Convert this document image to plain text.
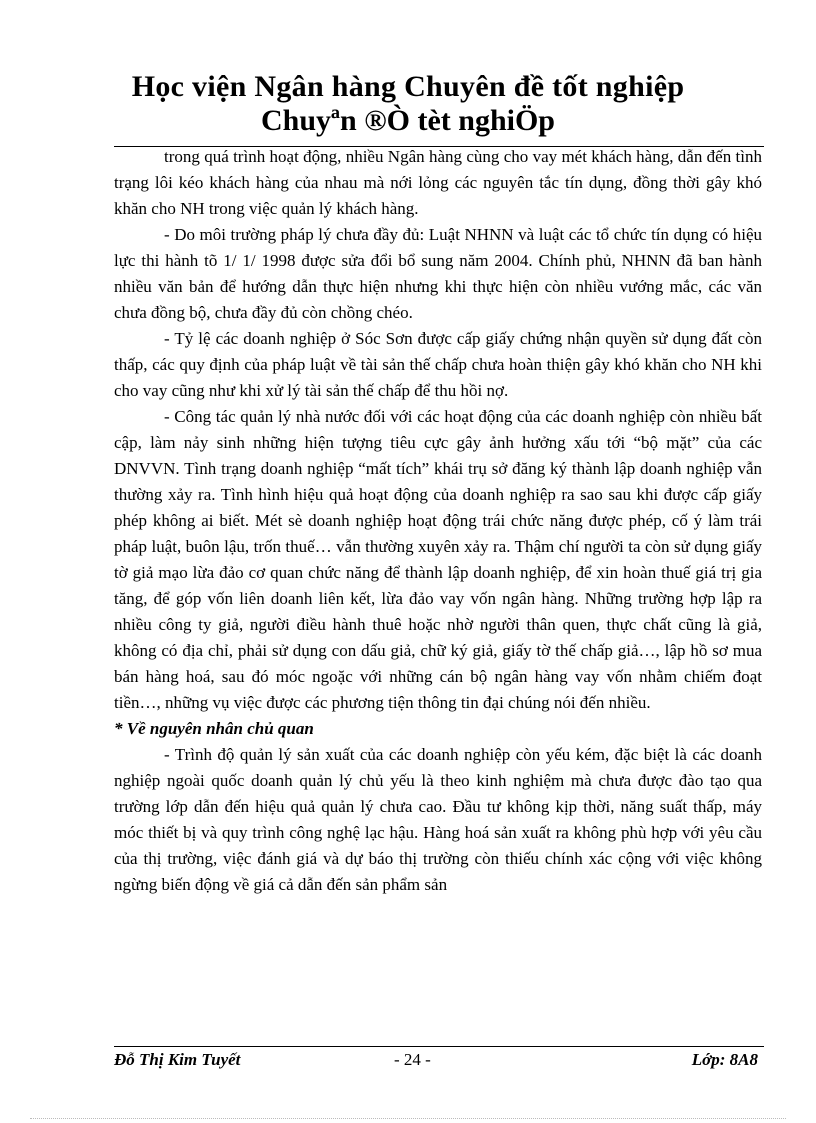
Học viện Ngân hàng Chuyên đề tốt nghiệp
Chuyªn ®Ò tèt nghiÖp

trong quá trình hoạt động, nhiều Ngân hàng cùng cho vay mét khách hàng, dẫn đến tình trạng lôi kéo khách hàng của nhau mà nới lỏng các nguyên tắc tín dụng, đồng thời gây khó khăn cho NH trong việc quản lý khách hàng.

- Do môi trường pháp lý chưa đầy đủ: Luật NHNN và luật các tổ chức tín dụng có hiệu lực thi hành tõ 1/ 1/ 1998 được sửa đổi bổ sung năm 2004. Chính phủ, NHNN đã ban hành nhiều văn bản để hướng dẫn thực hiện nhưng khi thực hiện còn nhiều vướng mắc, các văn chưa đồng bộ, chưa đầy đủ còn chồng chéo.

- Tỷ lệ các doanh nghiệp ở Sóc Sơn được cấp giấy chứng nhận quyền sử dụng đất còn thấp, các quy định của pháp luật về tài sản thế chấp chưa hoàn thiện gây khó khăn cho NH khi cho vay cũng như khi xử lý tài sản thế chấp để thu hồi nợ.

- Công tác quản lý nhà nước đối với các hoạt động của các doanh nghiệp còn nhiều bất cập, làm nảy sinh những hiện tượng tiêu cực gây ảnh hưởng xấu tới “bộ mặt” của các DNVVN. Tình trạng doanh nghiệp “mất tích” khái trụ sở đăng ký thành lập doanh nghiệp vẫn thường xảy ra. Tình hình hiệu quả hoạt động của doanh nghiệp ra sao sau khi được cấp giấy phép không ai biết. Mét sè doanh nghiệp hoạt động trái chức năng được phép, cố ý làm trái pháp luật, buôn lậu, trốn thuế… vẫn thường xuyên xảy ra. Thậm chí người ta còn sử dụng giấy tờ giả mạo lừa đảo cơ quan chức năng để thành lập doanh nghiệp, để xin hoàn thuế giá trị gia tăng, để góp vốn liên doanh liên kết, lừa đảo vay vốn ngân hàng. Những trường hợp lập ra nhiều công ty giả, người điều hành thuê hoặc nhờ người thân quen, thực chất cũng là giả, không có địa chỉ, phải sử dụng con dấu giả, chữ ký giả, giấy tờ thế chấp giả…, lập hồ sơ mua bán hàng hoá, sau đó móc ngoặc với những cán bộ ngân hàng vay vốn nhằm chiếm đoạt tiền…, những vụ việc được các phương tiện thông tin đại chúng nói đến nhiều.

* Về nguyên nhân chủ quan

- Trình độ quản lý sản xuất của các doanh nghiệp còn yếu kém, đặc biệt là các doanh nghiệp ngoài quốc doanh quản lý chủ yếu là theo kinh nghiệm mà chưa được đào tạo qua trường lớp dẫn đến hiệu quả quản lý chưa cao. Đầu tư không kịp thời, năng suất thấp, máy móc thiết bị và quy trình công nghệ lạc hậu. Hàng hoá sản xuất ra không phù hợp với yêu cầu của thị trường, việc đánh giá và dự báo thị trường còn thiếu chính xác cộng với việc không ngừng biến động về giá cả dẫn đến sản phẩm sản

Đỗ Thị Kim Tuyết	- 24 -	Lớp: 8A8
